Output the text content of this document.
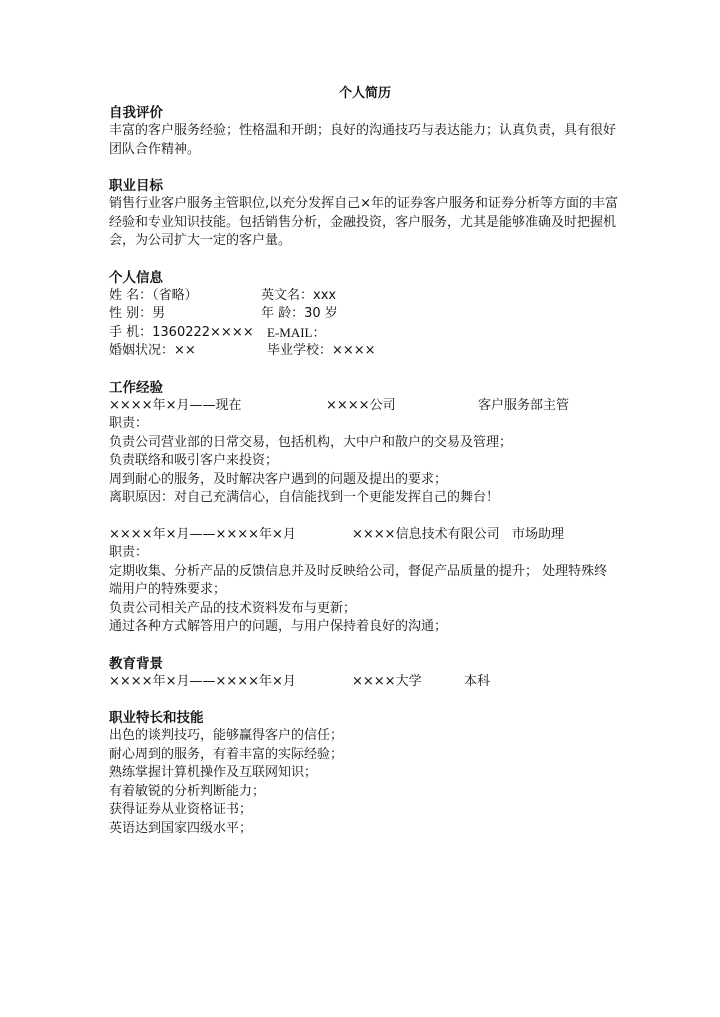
个人简历
自我评价
丰富的客户服务经验；性格温和开朗；良好的沟通技巧与表达能力；认真负责，具有很好团队合作精神。
职业目标
销售行业客户服务主管职位,以充分发挥自己×年的证券客户服务和证券分析等方面的丰富经验和专业知识技能。包括销售分析，金融投资，客户服务，尤其是能够准确及时把握机会，为公司扩大一定的客户量。
个人信息
姓 名：（省略）	英文名：xxx
性 别：男	年 龄：30 岁
手 机：1360222××××	E-MAIL：
婚姻状况：××	毕业学校：××××
工作经验
××××年×月——现在	××××公司	客户服务部主管
职责：
负责公司营业部的日常交易，包括机构，大中户和散户的交易及管理；
负责联络和吸引客户来投资；
周到耐心的服务，及时解决客户遇到的问题及提出的要求；
离职原因：对自己充满信心，自信能找到一个更能发挥自己的舞台！
××××年×月——××××年×月	××××信息技术有限公司 市场助理
职责：
定期收集、分析产品的反馈信息并及时反映给公司，督促产品质量的提升； 处理特殊终端用户的特殊要求；
负责公司相关产品的技术资料发布与更新；
通过各种方式解答用户的问题，与用户保持着良好的沟通；
教育背景
××××年×月——××××年×月	××××大学	本科
职业特长和技能
出色的谈判技巧，能够赢得客户的信任；
耐心周到的服务，有着丰富的实际经验；
熟练掌握计算机操作及互联网知识；
有着敏锐的分析判断能力；
获得证券从业资格证书；
英语达到国家四级水平；
